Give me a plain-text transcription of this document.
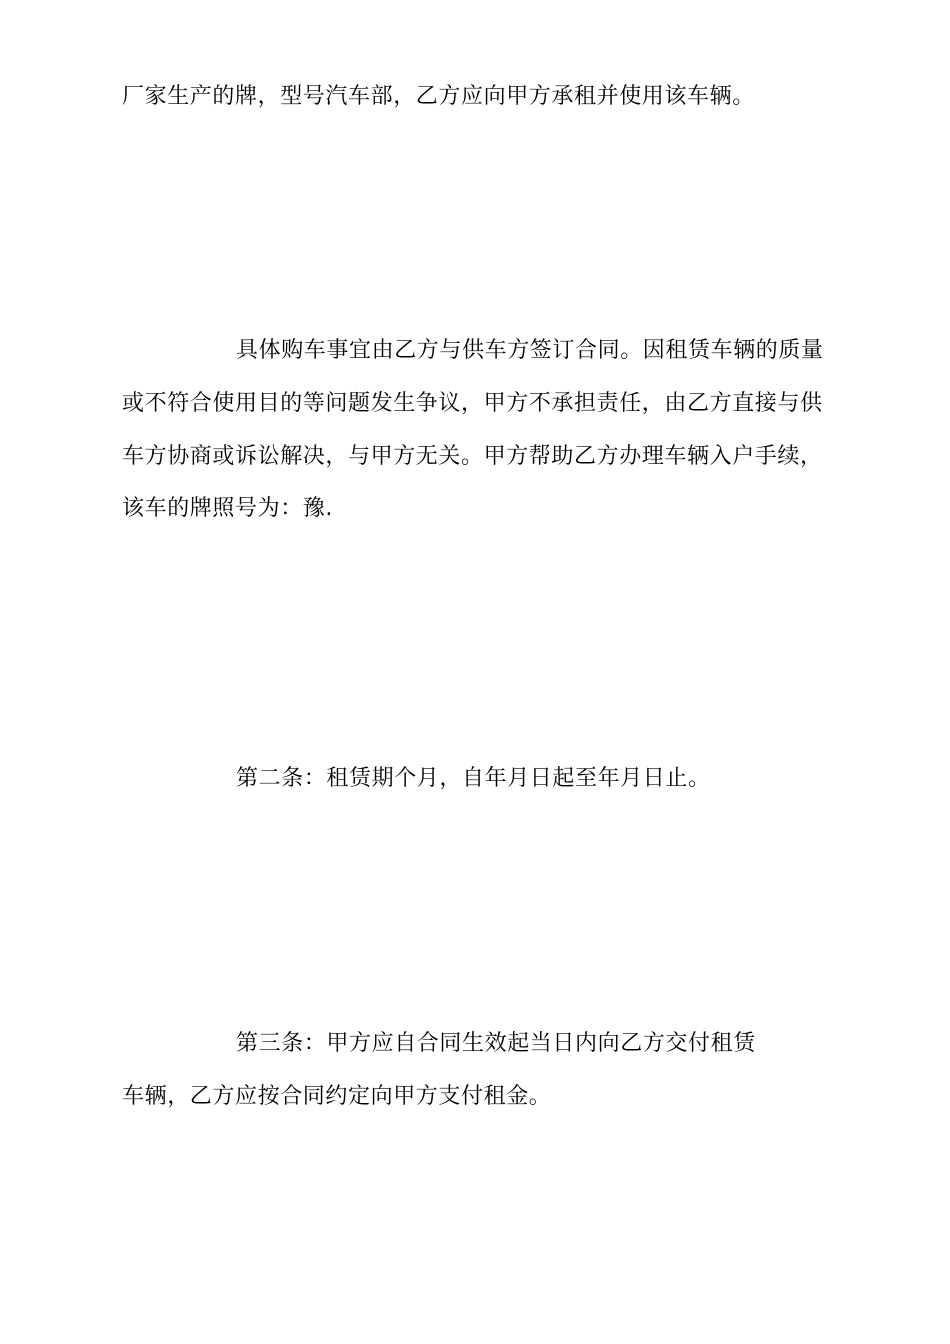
厂家生产的牌，型号汽车部，乙方应向甲方承租并使用该车辆。
具体购车事宜由乙方与供车方签订合同。因租赁车辆的质量
或不符合使用目的等问题发生争议，甲方不承担责任，由乙方直接与供
车方协商或诉讼解决，与甲方无关。甲方帮助乙方办理车辆入户手续，
该车的牌照号为：豫.
第二条：租赁期个月，自年月日起至年月日止。
第三条：甲方应自合同生效起当日内向乙方交付租赁
车辆，乙方应按合同约定向甲方支付租金。
